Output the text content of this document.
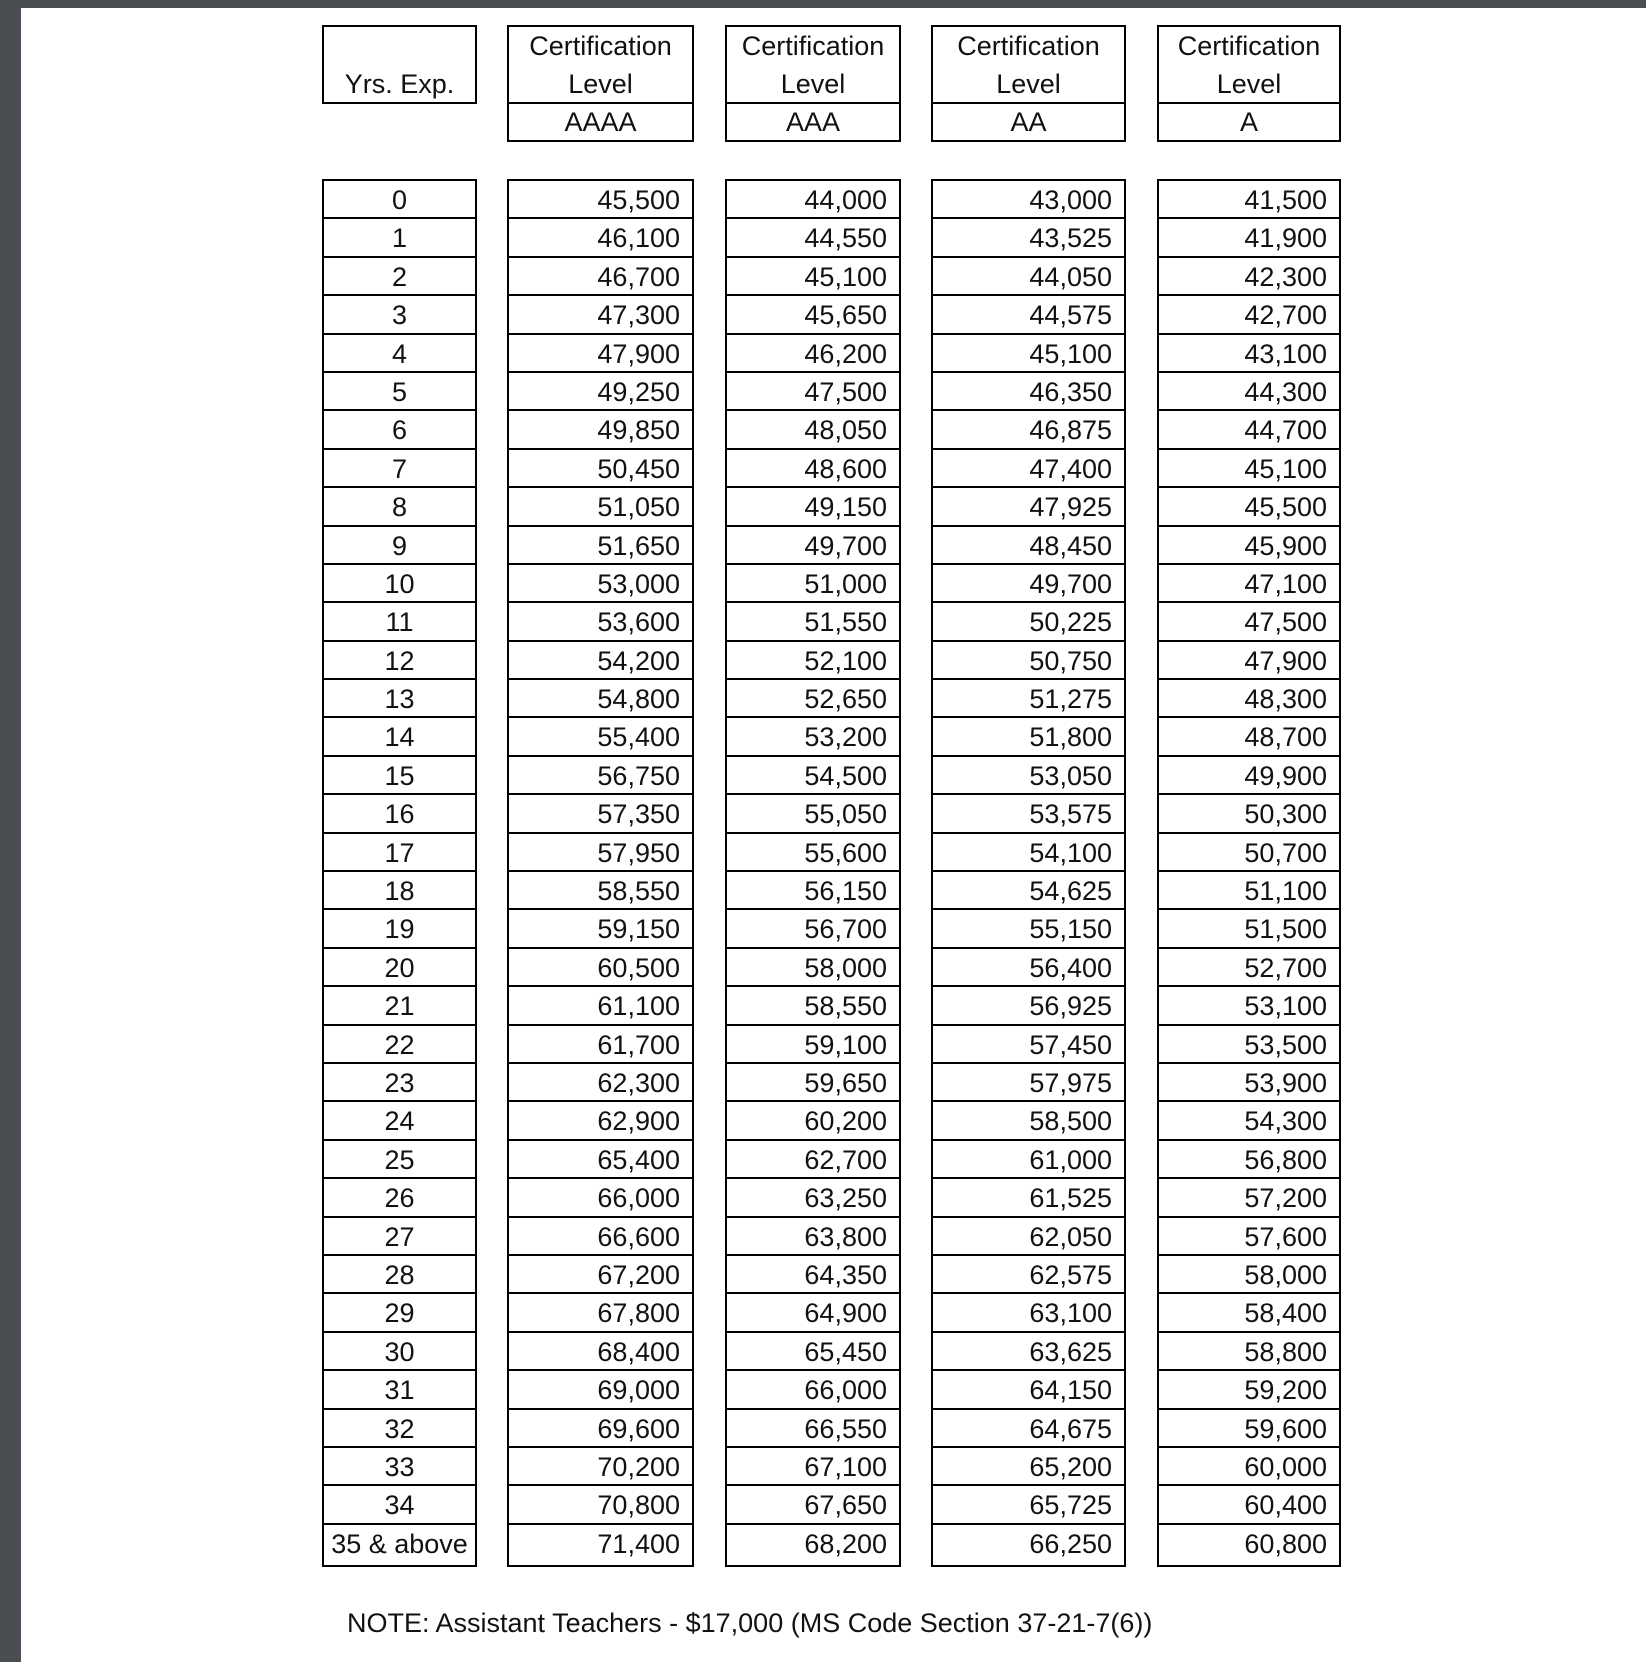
Yrs. Exp.
Certification
Level
AAAA
Certification
Level
AAA
Certification
Level
AA
Certification
Level
A
0
1
2
3
4
5
6
7
8
9
10
11
12
13
14
15
16
17
18
19
20
21
22
23
24
25
26
27
28
29
30
31
32
33
34
35 & above
45,500
46,100
46,700
47,300
47,900
49,250
49,850
50,450
51,050
51,650
53,000
53,600
54,200
54,800
55,400
56,750
57,350
57,950
58,550
59,150
60,500
61,100
61,700
62,300
62,900
65,400
66,000
66,600
67,200
67,800
68,400
69,000
69,600
70,200
70,800
71,400
44,000
44,550
45,100
45,650
46,200
47,500
48,050
48,600
49,150
49,700
51,000
51,550
52,100
52,650
53,200
54,500
55,050
55,600
56,150
56,700
58,000
58,550
59,100
59,650
60,200
62,700
63,250
63,800
64,350
64,900
65,450
66,000
66,550
67,100
67,650
68,200
43,000
43,525
44,050
44,575
45,100
46,350
46,875
47,400
47,925
48,450
49,700
50,225
50,750
51,275
51,800
53,050
53,575
54,100
54,625
55,150
56,400
56,925
57,450
57,975
58,500
61,000
61,525
62,050
62,575
63,100
63,625
64,150
64,675
65,200
65,725
66,250
41,500
41,900
42,300
42,700
43,100
44,300
44,700
45,100
45,500
45,900
47,100
47,500
47,900
48,300
48,700
49,900
50,300
50,700
51,100
51,500
52,700
53,100
53,500
53,900
54,300
56,800
57,200
57,600
58,000
58,400
58,800
59,200
59,600
60,000
60,400
60,800
NOTE: Assistant Teachers - $17,000 (MS Code Section 37-21-7(6))
